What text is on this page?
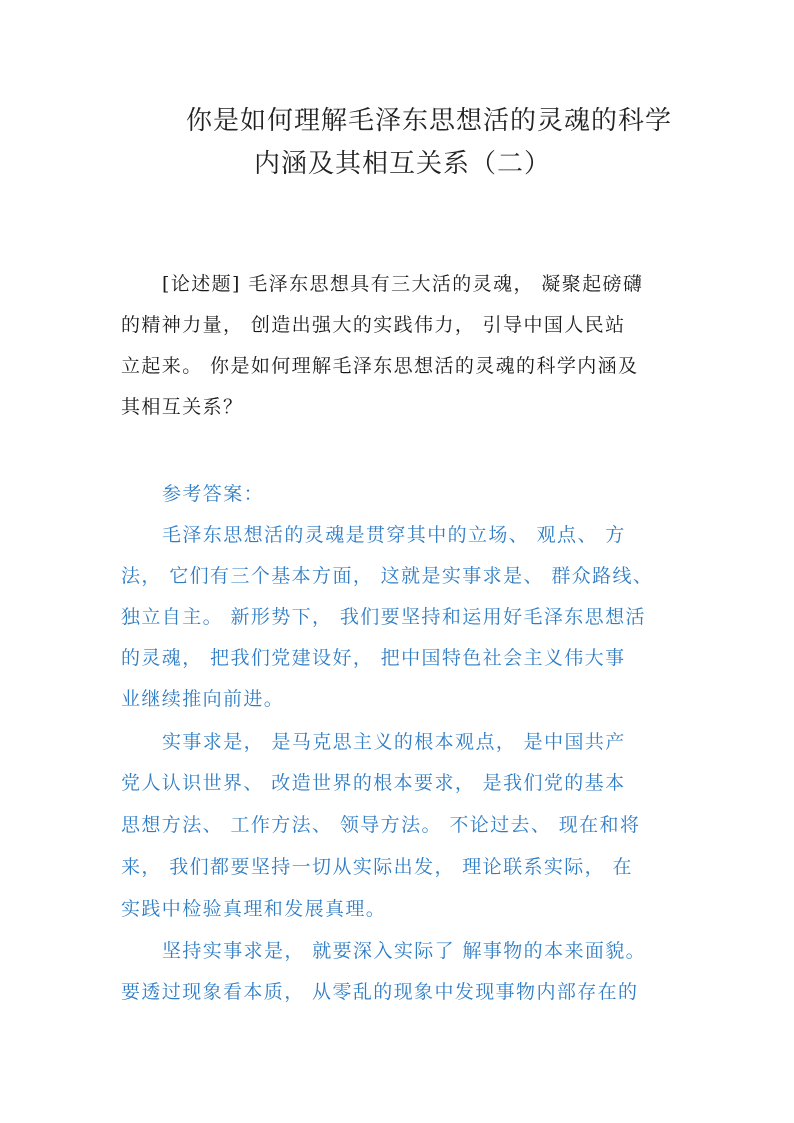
你是如何理解毛泽东思想活的灵魂的科学
内涵及其相互关系（二）
[论述题] 毛泽东思想具有三大活的灵魂， 凝聚起磅礴
的精神力量， 创造出强大的实践伟力， 引导中国人民站
立起来。 你是如何理解毛泽东思想活的灵魂的科学内涵及
其相互关系？
参考答案：
毛泽东思想活的灵魂是贯穿其中的立场、 观点、 方
法， 它们有三个基本方面， 这就是实事求是、 群众路线、
独立自主。 新形势下， 我们要坚持和运用好毛泽东思想活
的灵魂， 把我们党建设好， 把中国特色社会主义伟大事
业继续推向前进。
实事求是， 是马克思主义的根本观点， 是中国共产
党人认识世界、 改造世界的根本要求， 是我们党的基本
思想方法、 工作方法、 领导方法。 不论过去、 现在和将
来， 我们都要坚持一切从实际出发， 理论联系实际， 在
实践中检验真理和发展真理。
坚持实事求是， 就要深入实际了 解事物的本来面貌。
要透过现象看本质， 从零乱的现象中发现事物内部存在的
